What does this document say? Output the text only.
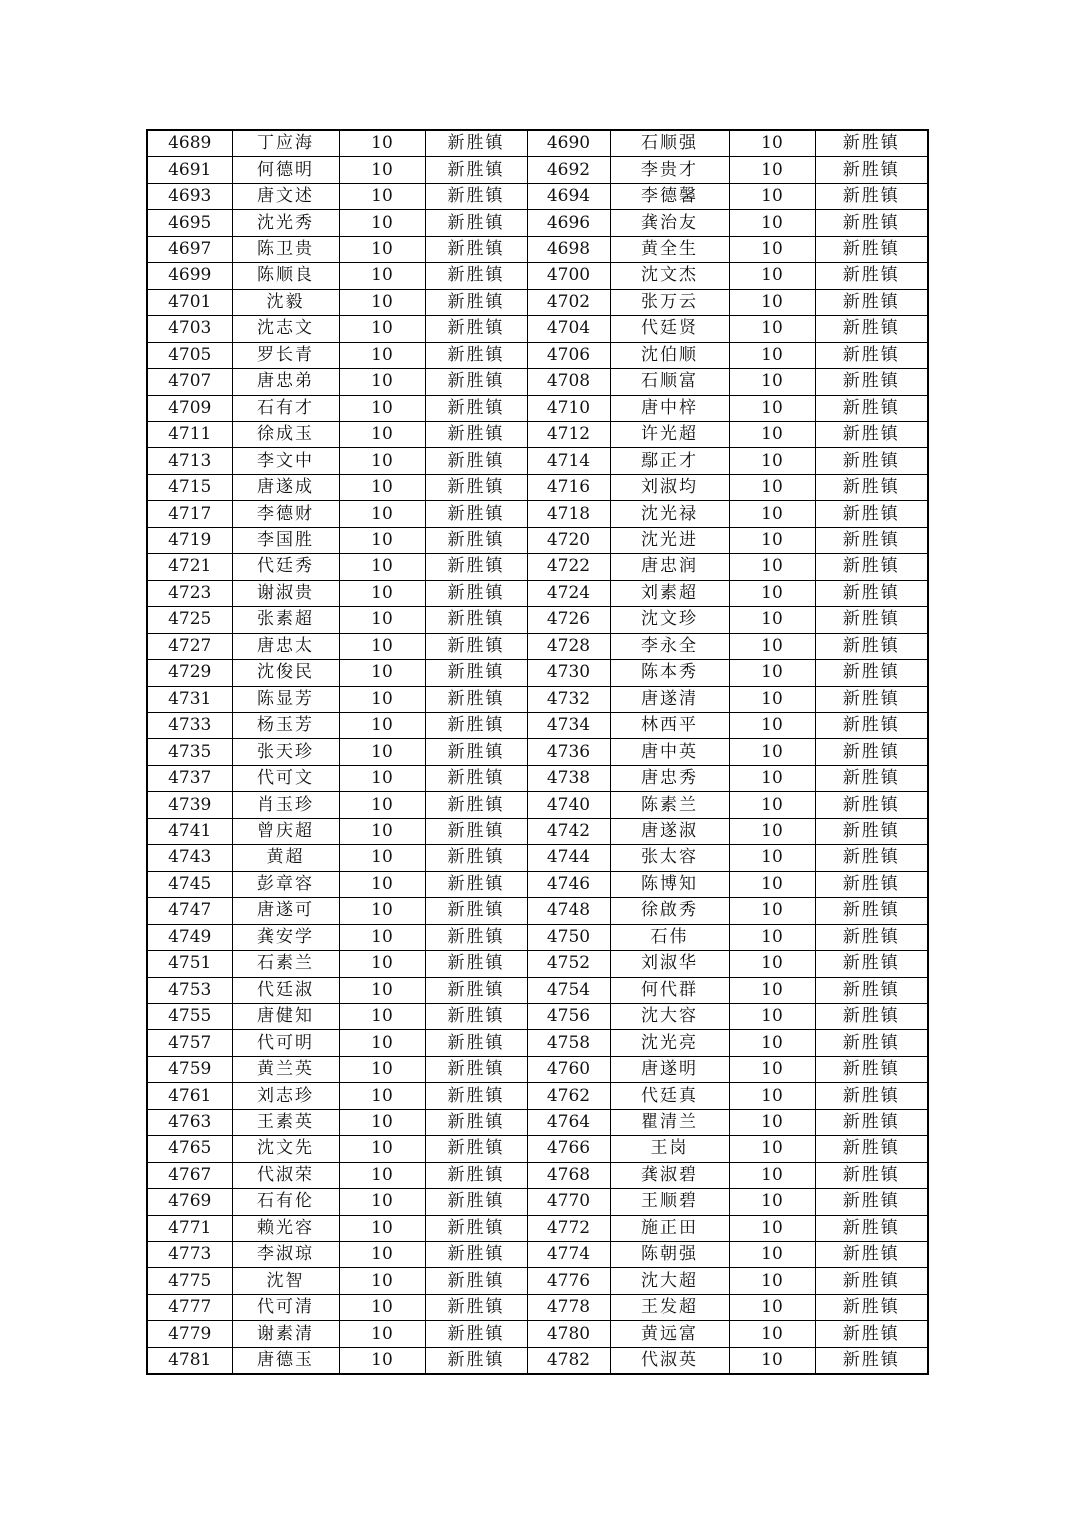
4689	丁应海	10	新胜镇	4690	石顺强	10	新胜镇
4691	何德明	10	新胜镇	4692	李贵才	10	新胜镇
4693	唐文述	10	新胜镇	4694	李德馨	10	新胜镇
4695	沈光秀	10	新胜镇	4696	龚治友	10	新胜镇
4697	陈卫贵	10	新胜镇	4698	黄全生	10	新胜镇
4699	陈顺良	10	新胜镇	4700	沈文杰	10	新胜镇
4701	沈毅	10	新胜镇	4702	张万云	10	新胜镇
4703	沈志文	10	新胜镇	4704	代廷贤	10	新胜镇
4705	罗长青	10	新胜镇	4706	沈伯顺	10	新胜镇
4707	唐忠弟	10	新胜镇	4708	石顺富	10	新胜镇
4709	石有才	10	新胜镇	4710	唐中梓	10	新胜镇
4711	徐成玉	10	新胜镇	4712	许光超	10	新胜镇
4713	李文中	10	新胜镇	4714	鄢正才	10	新胜镇
4715	唐遂成	10	新胜镇	4716	刘淑均	10	新胜镇
4717	李德财	10	新胜镇	4718	沈光禄	10	新胜镇
4719	李国胜	10	新胜镇	4720	沈光进	10	新胜镇
4721	代廷秀	10	新胜镇	4722	唐忠润	10	新胜镇
4723	谢淑贵	10	新胜镇	4724	刘素超	10	新胜镇
4725	张素超	10	新胜镇	4726	沈文珍	10	新胜镇
4727	唐忠太	10	新胜镇	4728	李永全	10	新胜镇
4729	沈俊民	10	新胜镇	4730	陈本秀	10	新胜镇
4731	陈显芳	10	新胜镇	4732	唐遂清	10	新胜镇
4733	杨玉芳	10	新胜镇	4734	林西平	10	新胜镇
4735	张天珍	10	新胜镇	4736	唐中英	10	新胜镇
4737	代可文	10	新胜镇	4738	唐忠秀	10	新胜镇
4739	肖玉珍	10	新胜镇	4740	陈素兰	10	新胜镇
4741	曾庆超	10	新胜镇	4742	唐遂淑	10	新胜镇
4743	黄超	10	新胜镇	4744	张太容	10	新胜镇
4745	彭章容	10	新胜镇	4746	陈博知	10	新胜镇
4747	唐遂可	10	新胜镇	4748	徐啟秀	10	新胜镇
4749	龚安学	10	新胜镇	4750	石伟	10	新胜镇
4751	石素兰	10	新胜镇	4752	刘淑华	10	新胜镇
4753	代廷淑	10	新胜镇	4754	何代群	10	新胜镇
4755	唐健知	10	新胜镇	4756	沈大容	10	新胜镇
4757	代可明	10	新胜镇	4758	沈光亮	10	新胜镇
4759	黄兰英	10	新胜镇	4760	唐遂明	10	新胜镇
4761	刘志珍	10	新胜镇	4762	代廷真	10	新胜镇
4763	王素英	10	新胜镇	4764	瞿清兰	10	新胜镇
4765	沈文先	10	新胜镇	4766	王岗	10	新胜镇
4767	代淑荣	10	新胜镇	4768	龚淑碧	10	新胜镇
4769	石有伦	10	新胜镇	4770	王顺碧	10	新胜镇
4771	赖光容	10	新胜镇	4772	施正田	10	新胜镇
4773	李淑琼	10	新胜镇	4774	陈朝强	10	新胜镇
4775	沈智	10	新胜镇	4776	沈大超	10	新胜镇
4777	代可清	10	新胜镇	4778	王发超	10	新胜镇
4779	谢素清	10	新胜镇	4780	黄远富	10	新胜镇
4781	唐德玉	10	新胜镇	4782	代淑英	10	新胜镇
